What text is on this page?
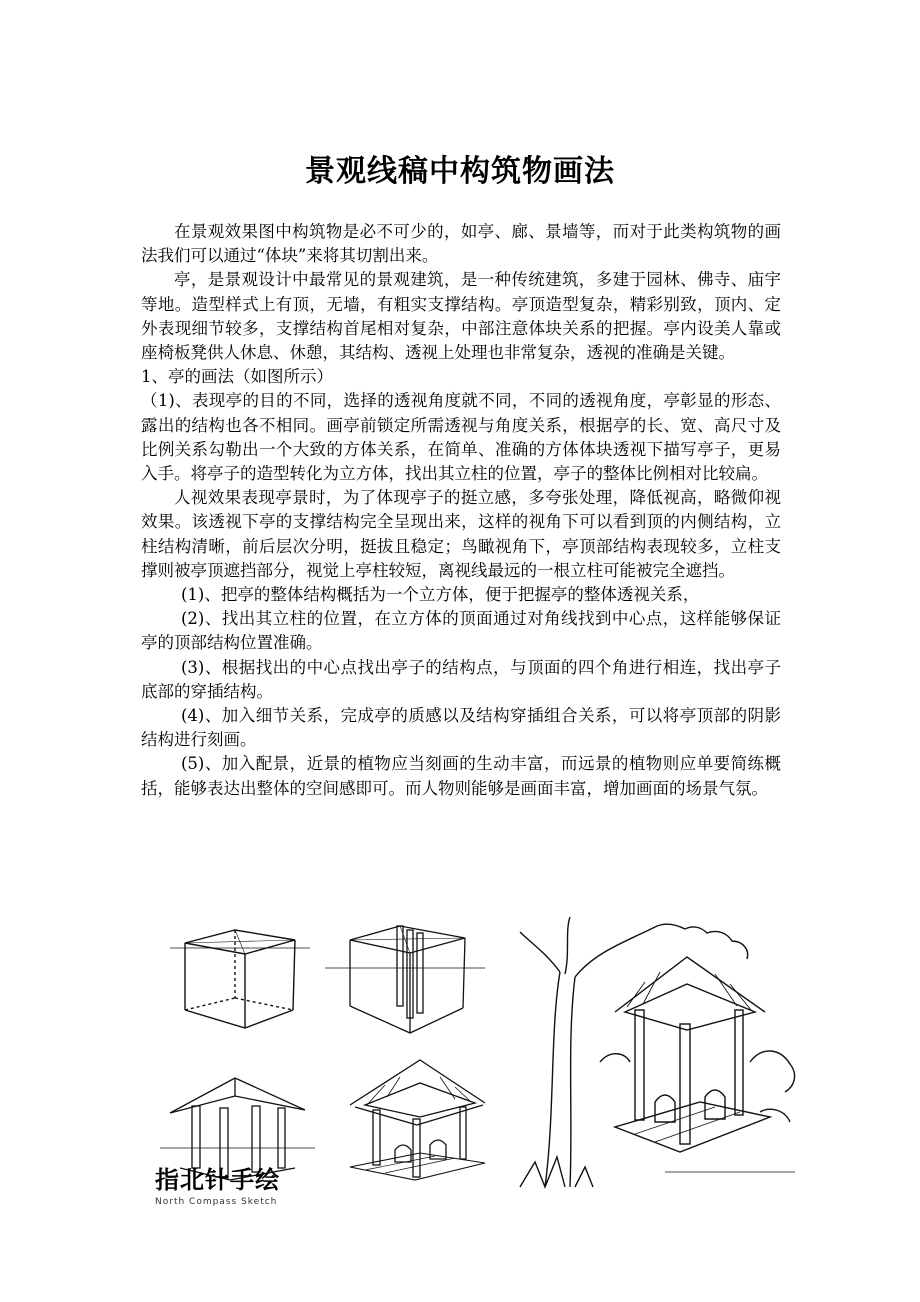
景观线稿中构筑物画法

在景观效果图中构筑物是必不可少的，如亭、廊、景墙等，而对于此类构筑物的画法我们可以通过“体块”来将其切割出来。

亭，是景观设计中最常见的景观建筑，是一种传统建筑，多建于园林、佛寺、庙宇等地。造型样式上有顶，无墙，有粗实支撑结构。亭顶造型复杂，精彩别致，顶内、定外表现细节较多，支撑结构首尾相对复杂，中部注意体块关系的把握。亭内设美人靠或座椅板凳供人休息、休憩，其结构、透视上处理也非常复杂，透视的准确是关键。

1、亭的画法（如图所示）

（1)、表现亭的目的不同，选择的透视角度就不同，不同的透视角度，亭彰显的形态、露出的结构也各不相同。画亭前锁定所需透视与角度关系，根据亭的长、宽、高尺寸及比例关系勾勒出一个大致的方体关系，在简单、准确的方体体块透视下描写亭子，更易入手。将亭子的造型转化为立方体，找出其立柱的位置，亭子的整体比例相对比较扁。

人视效果表现亭景时，为了体现亭子的挺立感，多夸张处理，降低视高，略微仰视效果。该透视下亭的支撑结构完全呈现出来，这样的视角下可以看到顶的内侧结构，立柱结构清晰，前后层次分明，挺拔且稳定；鸟瞰视角下，亭顶部结构表现较多，立柱支撑则被亭顶遮挡部分，视觉上亭柱较短，离视线最远的一根立柱可能被完全遮挡。

(1)、把亭的整体结构概括为一个立方体，便于把握亭的整体透视关系，

(2)、找出其立柱的位置，在立方体的顶面通过对角线找到中心点，这样能够保证亭的顶部结构位置准确。

(3)、根据找出的中心点找出亭子的结构点，与顶面的四个角进行相连，找出亭子底部的穿插结构。

(4)、加入细节关系，完成亭的质感以及结构穿插组合关系，可以将亭顶部的阴影结构进行刻画。

(5)、加入配景，近景的植物应当刻画的生动丰富，而远景的植物则应单要简练概括，能够表达出整体的空间感即可。而人物则能够是画面丰富，增加画面的场景气氛。

指北针手绘
North Compass Sketch
